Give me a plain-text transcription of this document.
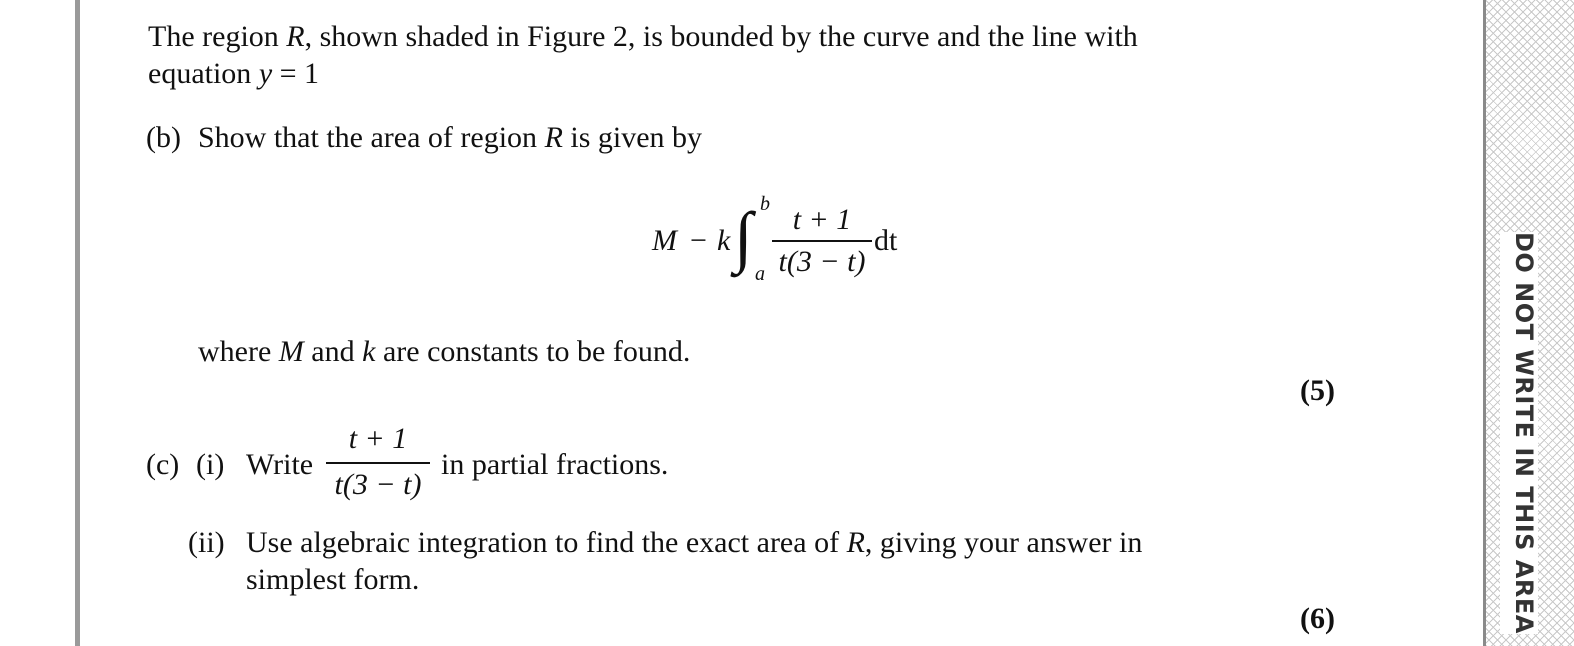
The region R, shown shaded in Figure 2, is bounded by the curve and the line with
equation y = 1
(b) Show that the area of region R is given by
M − k ∫ b
a
t + 1
t(3 − t)
dt
where M and k are constants to be found.
(5)
(c) (i) Write
t + 1
t(3 − t)
in partial fractions.
(ii) Use algebraic integration to find the exact area of R, giving your answer in
simplest form.
(6)	DO NOT WRITE IN THIS AREA
